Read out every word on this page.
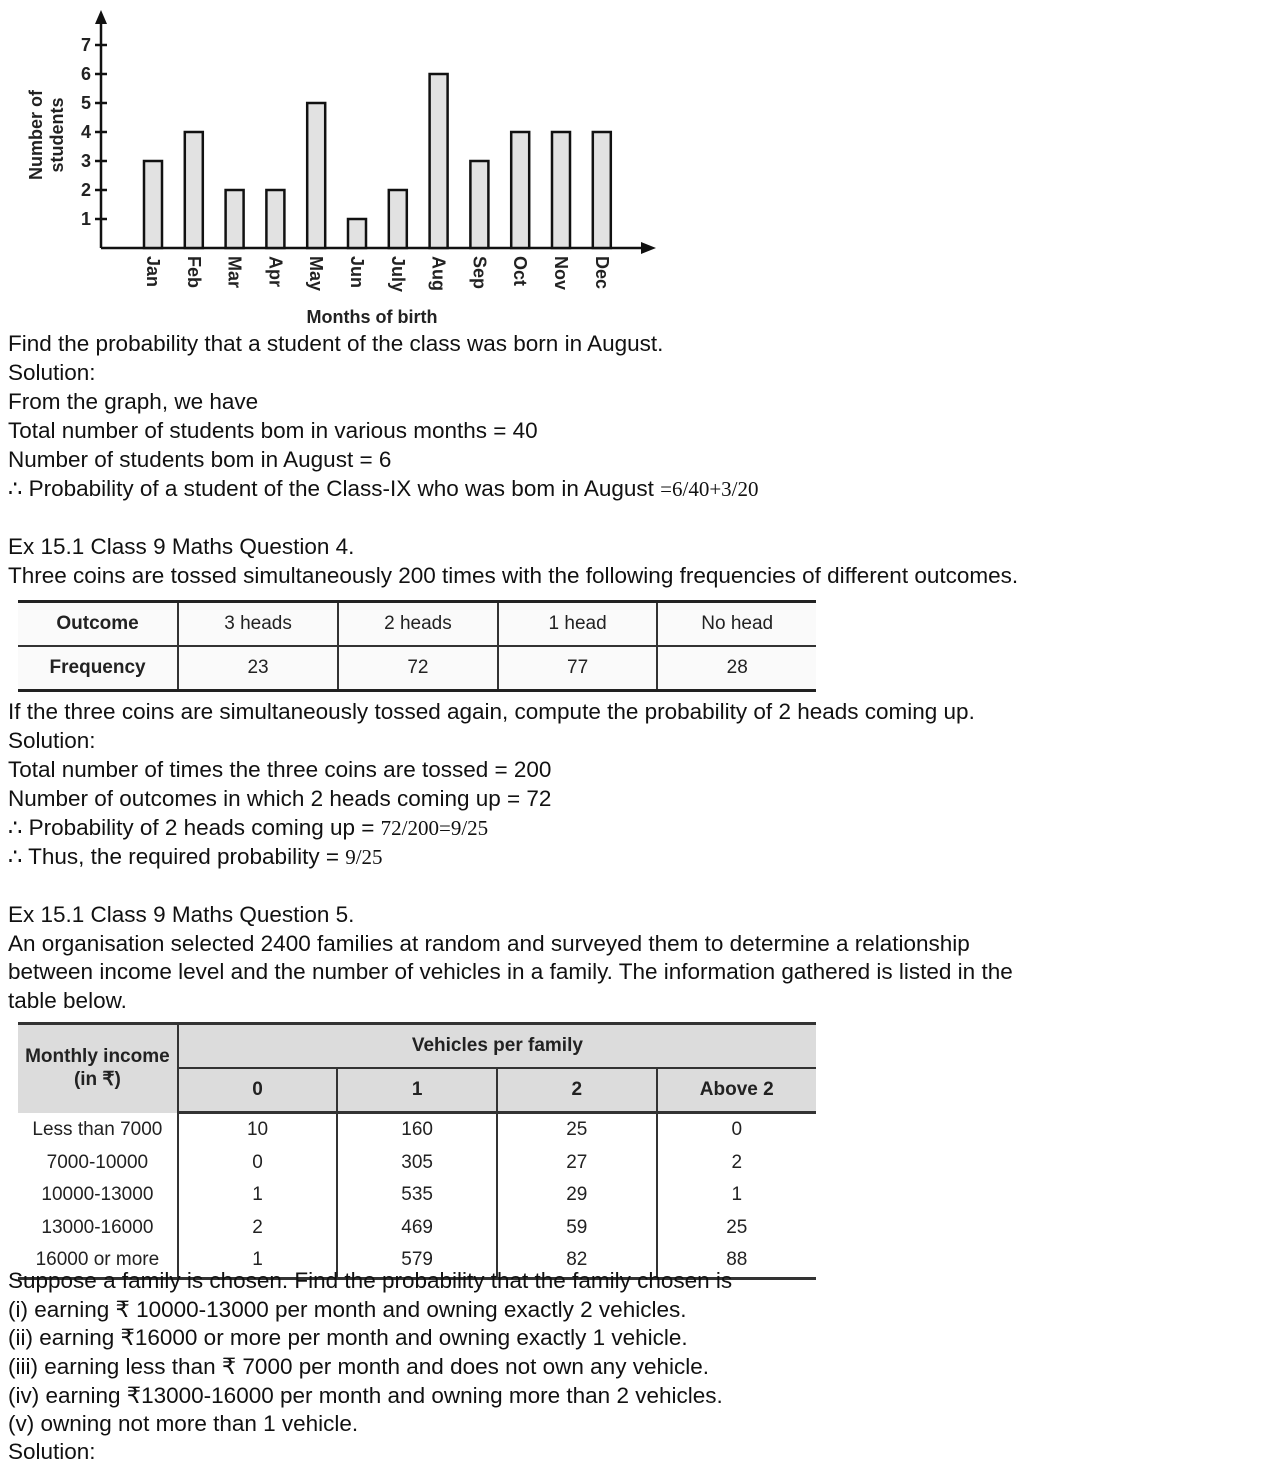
1
2
3
4
5
6
7
Jan Feb Mar Apr May Jun July Aug Sep Oct Nov Dec
Number of students
Months of birth
Find the probability that a student of the class was born in August.
Solution:
From the graph, we have
Total number of students bom in various months = 40
Number of students bom in August = 6
∴ Probability of a student of the Class-IX who was bom in August =6/40+3/20
Ex 15.1 Class 9 Maths Question 4.
Three coins are tossed simultaneously 200 times with the following frequencies of different outcomes.
Outcome	3 heads	2 heads	1 head	No head
Frequency	23	72	77	28
If the three coins are simultaneously tossed again, compute the probability of 2 heads coming up.
Solution:
Total number of times the three coins are tossed = 200
Number of outcomes in which 2 heads coming up = 72
∴ Probability of 2 heads coming up = 72/200=9/25
∴ Thus, the required probability = 9/25
Ex 15.1 Class 9 Maths Question 5.
An organisation selected 2400 families at random and surveyed them to determine a relationship
between income level and the number of vehicles in a family. The information gathered is listed in the
table below.
Monthly income (in ₹)	Vehicles per family			
	0	1	2	Above 2
Less than 7000	10	160	25	0
7000-10000	0	305	27	2
10000-13000	1	535	29	1
13000-16000	2	469	59	25
16000 or more	1	579	82	88
Suppose a family is chosen. Find the probability that the family chosen is
(i) earning ₹ 10000-13000 per month and owning exactly 2 vehicles.
(ii) earning ₹16000 or more per month and owning exactly 1 vehicle.
(iii) earning less than ₹ 7000 per month and does not own any vehicle.
(iv) earning ₹13000-16000 per month and owning more than 2 vehicles.
(v) owning not more than 1 vehicle.
Solution:
